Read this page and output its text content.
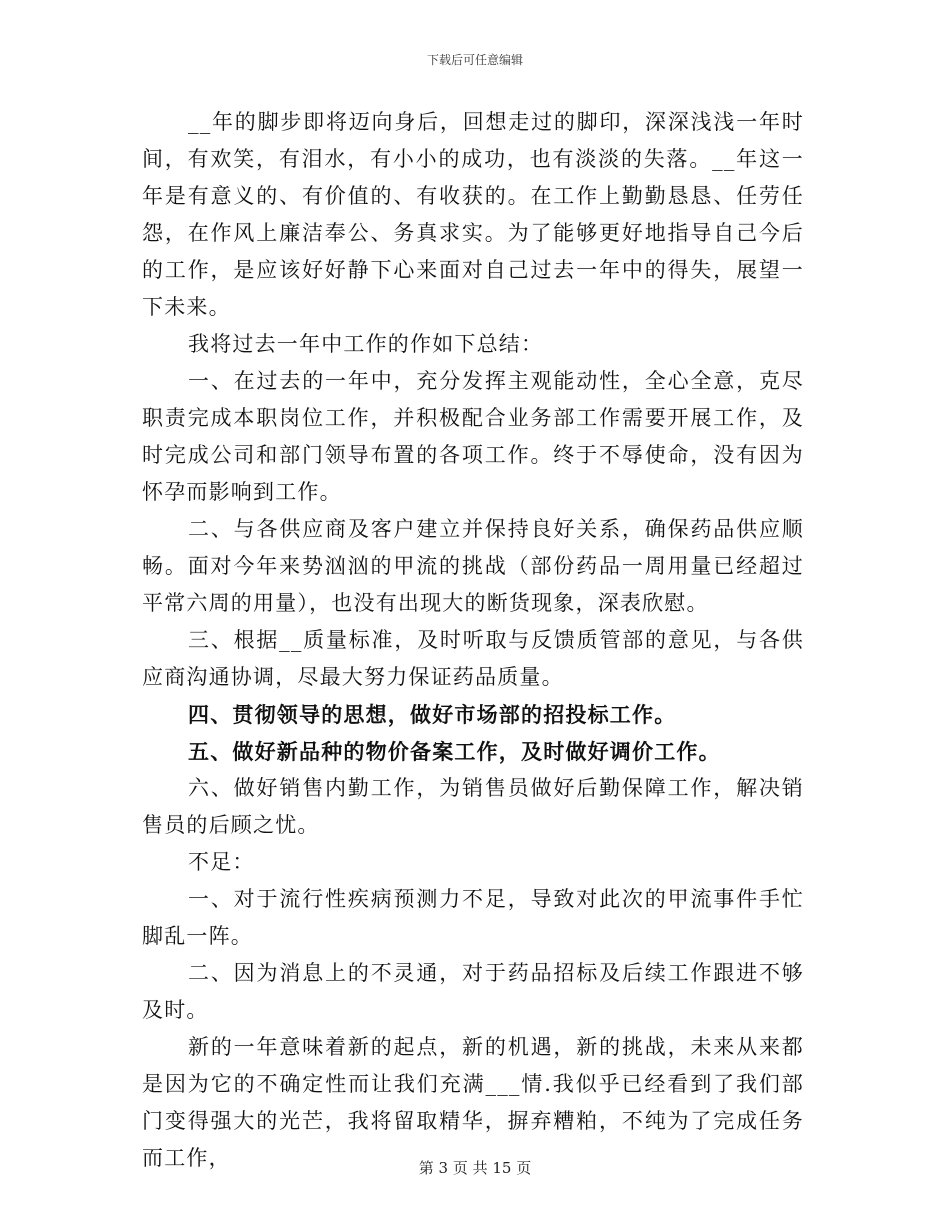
下载后可任意编辑

__年的脚步即将迈向身后，回想走过的脚印，深深浅浅一年时间，有欢笑，有泪水，有小小的成功，也有淡淡的失落。__年这一年是有意义的、有价值的、有收获的。在工作上勤勤恳恳、任劳任怨，在作风上廉洁奉公、务真求实。为了能够更好地指导自己今后的工作，是应该好好静下心来面对自己过去一年中的得失，展望一下未来。

我将过去一年中工作的作如下总结：

一、在过去的一年中，充分发挥主观能动性，全心全意，克尽职责完成本职岗位工作，并积极配合业务部工作需要开展工作，及时完成公司和部门领导布置的各项工作。终于不辱使命，没有因为怀孕而影响到工作。

二、与各供应商及客户建立并保持良好关系，确保药品供应顺畅。面对今年来势汹汹的甲流的挑战（部份药品一周用量已经超过平常六周的用量），也没有出现大的断货现象，深表欣慰。

三、根据__质量标准，及时听取与反馈质管部的意见，与各供应商沟通协调，尽最大努力保证药品质量。

四、贯彻领导的思想，做好市场部的招投标工作。

五、做好新品种的物价备案工作，及时做好调价工作。

六、做好销售内勤工作，为销售员做好后勤保障工作，解决销售员的后顾之忧。

不足：

一、对于流行性疾病预测力不足，导致对此次的甲流事件手忙脚乱一阵。

二、因为消息上的不灵通，对于药品招标及后续工作跟进不够及时。

新的一年意味着新的起点，新的机遇，新的挑战，未来从来都是因为它的不确定性而让我们充满___情.我似乎已经看到了我们部门变得强大的光芒，我将留取精华，摒弃糟粕，不纯为了完成任务而工作，	第 3 页 共 15 页
